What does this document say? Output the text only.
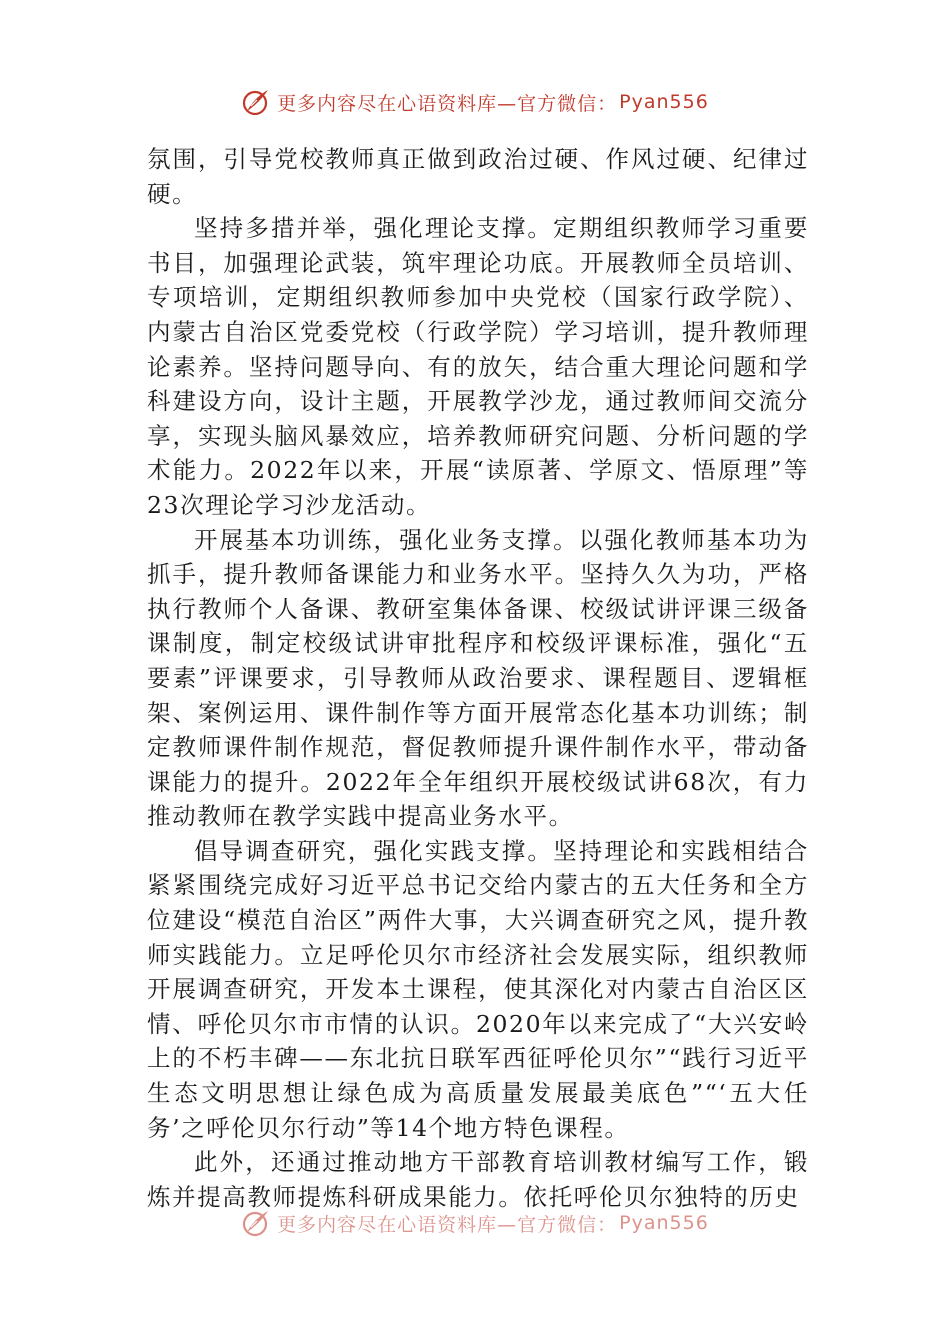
更多内容尽在心语资料库—官方微信： Pyan556

氛围，引导党校教师真正做到政治过硬、作风过硬、纪律过硬。

坚持多措并举，强化理论支撑。定期组织教师学习重要书目，加强理论武装，筑牢理论功底。开展教师全员培训、专项培训，定期组织教师参加中央党校（国家行政学院）、内蒙古自治区党委党校（行政学院）学习培训，提升教师理论素养。坚持问题导向、有的放矢，结合重大理论问题和学科建设方向，设计主题，开展教学沙龙，通过教师间交流分享，实现头脑风暴效应，培养教师研究问题、分析问题的学术能力。2022年以来，开展“读原著、学原文、悟原理”等23次理论学习沙龙活动。

开展基本功训练，强化业务支撑。以强化教师基本功为抓手，提升教师备课能力和业务水平。坚持久久为功，严格执行教师个人备课、教研室集体备课、校级试讲评课三级备课制度，制定校级试讲审批程序和校级评课标准，强化“五要素”评课要求，引导教师从政治要求、课程题目、逻辑框架、案例运用、课件制作等方面开展常态化基本功训练；制定教师课件制作规范，督促教师提升课件制作水平，带动备课能力的提升。2022年全年组织开展校级试讲68次，有力推动教师在教学实践中提高业务水平。

倡导调查研究，强化实践支撑。坚持理论和实践相结合紧紧围绕完成好习近平总书记交给内蒙古的五大任务和全方位建设“模范自治区”两件大事，大兴调查研究之风，提升教师实践能力。立足呼伦贝尔市经济社会发展实际，组织教师开展调查研究，开发本土课程，使其深化对内蒙古自治区区情、呼伦贝尔市市情的认识。2020年以来完成了“大兴安岭上的不朽丰碑——东北抗日联军西征呼伦贝尔”“践行习近平生态文明思想让绿色成为高质量发展最美底色”“‘五大任务’之呼伦贝尔行动”等14个地方特色课程。

此外，还通过推动地方干部教育培训教材编写工作，锻炼并提高教师提炼科研成果能力。依托呼伦贝尔独特的历史

更多内容尽在心语资料库—官方微信： Pyan556
